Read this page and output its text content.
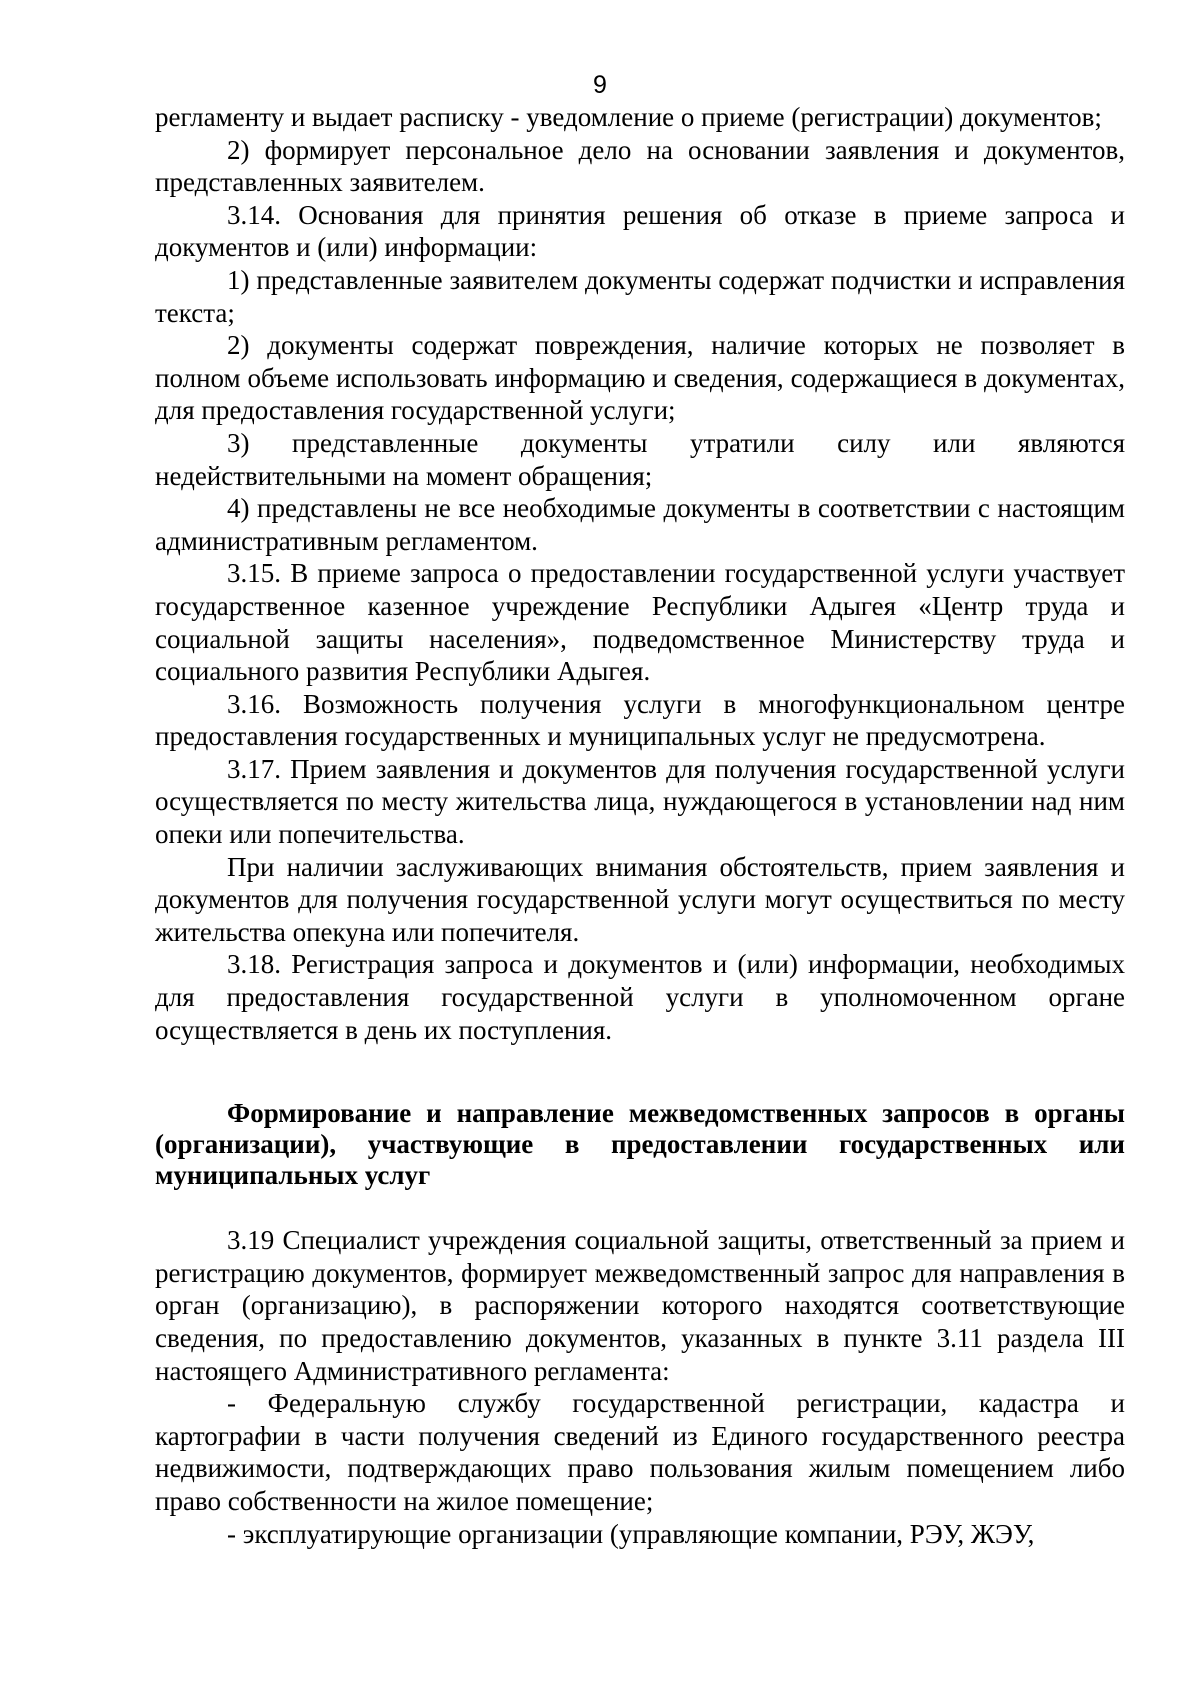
9

регламенту и выдает расписку - уведомление о приеме (регистрации) документов;

2) формирует персональное дело на основании заявления и документов, представленных заявителем.

3.14. Основания для принятия решения об отказе в приеме запроса и документов и (или) информации:

1) представленные заявителем документы содержат подчистки и исправления текста;

2) документы содержат повреждения, наличие которых не позволяет в полном объеме использовать информацию и сведения, содержащиеся в документах, для предоставления государственной услуги;

3) представленные документы утратили силу или являются недействительными на момент обращения;

4) представлены не все необходимые документы в соответствии с настоящим административным регламентом.

3.15. В приеме запроса о предоставлении государственной услуги участвует государственное казенное учреждение Республики Адыгея «Центр труда и социальной защиты населения», подведомственное Министерству труда и социального развития Республики Адыгея.

3.16. Возможность получения услуги в многофункциональном центре предоставления государственных и муниципальных услуг не предусмотрена.

3.17. Прием заявления и документов для получения государственной услуги осуществляется по месту жительства лица, нуждающегося в установлении над ним опеки или попечительства.

При наличии заслуживающих внимания обстоятельств, прием заявления и документов для получения государственной услуги могут осуществиться по месту жительства опекуна или попечителя.

3.18. Регистрация запроса и документов и (или) информации, необходимых для предоставления государственной услуги в уполномоченном органе осуществляется в день их поступления.

Формирование и направление межведомственных запросов в органы (организации), участвующие в предоставлении государственных или муниципальных услуг

3.19 Специалист учреждения социальной защиты, ответственный за прием и регистрацию документов, формирует межведомственный запрос для направления в орган (организацию), в распоряжении которого находятся соответствующие сведения, по предоставлению документов, указанных в пункте 3.11 раздела III настоящего Административного регламента:

- Федеральную службу государственной регистрации, кадастра и картографии в части получения сведений из Единого государственного реестра недвижимости, подтверждающих право пользования жилым помещением либо право собственности на жилое помещение;

- эксплуатирующие организации (управляющие компании, РЭУ, ЖЭУ,
